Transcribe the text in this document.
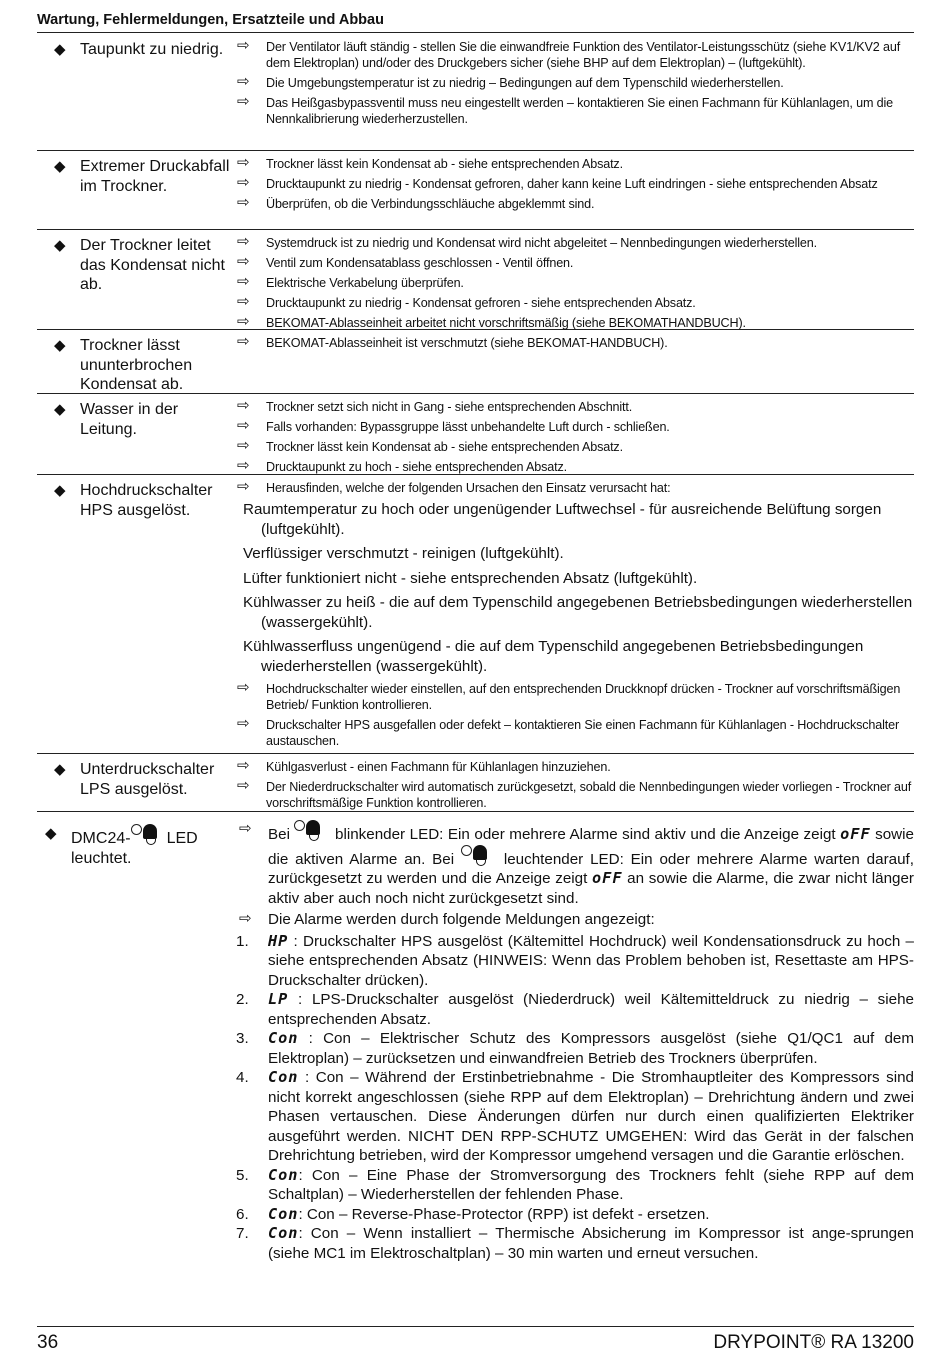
Wartung, Fehlermeldungen, Ersatzteile und Abbau
◆ Taupunkt zu niedrig. ⇨ Der Ventilator läuft ständig - stellen Sie die einwandfreie Funktion des Ventilator-Leistungsschütz (siehe KV1/KV2 auf dem Elektroplan) und/oder des Druckgebers sicher (siehe BHP auf dem Elektroplan) – (luftgekühlt).
⇨ Die Umgebungstemperatur ist zu niedrig – Bedingungen auf dem Typenschild wiederherstellen.
⇨ Das Heißgasbypassventil muss neu eingestellt werden – kontaktieren Sie einen Fachmann für Kühlanlagen, um die Nennkalibrierung wiederherzustellen.
◆ Extremer Druckabfall im Trockner.
⇨ Trockner lässt kein Kondensat ab - siehe entsprechenden Absatz.
⇨ Drucktaupunkt zu niedrig - Kondensat gefroren, daher kann keine Luft eindringen - siehe entsprechenden Absatz
⇨ Überprüfen, ob die Verbindungsschläuche abgeklemmt sind.
◆ Der Trockner leitet das Kondensat nicht ab.
⇨ Systemdruck ist zu niedrig und Kondensat wird nicht abgeleitet – Nennbedingungen wiederherstellen.
⇨ Ventil zum Kondensatablass geschlossen - Ventil öffnen.
⇨ Elektrische Verkabelung überprüfen.
⇨ Drucktaupunkt zu niedrig - Kondensat gefroren - siehe entsprechenden Absatz.
⇨ BEKOMAT-Ablasseinheit arbeitet nicht vorschriftsmäßig (siehe BEKOMATHANDBUCH).
◆ Trockner lässt ununterbrochen Kondensat ab.
⇨ BEKOMAT-Ablasseinheit ist verschmutzt (siehe BEKOMAT-HANDBUCH).
◆ Wasser in der Leitung.
⇨ Trockner setzt sich nicht in Gang - siehe entsprechenden Abschnitt.
⇨ Falls vorhanden: Bypassgruppe lässt unbehandelte Luft durch - schließen.
⇨ Trockner lässt kein Kondensat ab - siehe entsprechenden Absatz.
⇨ Drucktaupunkt zu hoch - siehe entsprechenden Absatz.
◆ Hochdruckschalter HPS ausgelöst.
⇨ Herausfinden, welche der folgenden Ursachen den Einsatz verursacht hat:
Raumtemperatur zu hoch oder ungenügender Luftwechsel - für ausreichende Belüftung sorgen (luftgekühlt).
Verflüssiger verschmutzt - reinigen (luftgekühlt).
Lüfter funktioniert nicht - siehe entsprechenden Absatz (luftgekühlt).
Kühlwasser zu heiß - die auf dem Typenschild angegebenen Betriebsbedingungen wiederherstellen (wassergekühlt).
Kühlwasserfluss ungenügend - die auf dem Typenschild angegebenen Betriebsbedingungen wiederherstellen (wassergekühlt).
⇨ Hochdruckschalter wieder einstellen, auf den entsprechenden Druckknopf drücken - Trockner auf vorschriftsmäßigen Betrieb/ Funktion kontrollieren.
⇨ Druckschalter HPS ausgefallen oder defekt – kontaktieren Sie einen Fachmann für Kühlanlagen - Hochdruckschalter austauschen.
◆ Unterdruckschalter LPS ausgelöst.
⇨ Kühlgasverlust - einen Fachmann für Kühlanlagen hinzuziehen.
⇨ Der Niederdruckschalter wird automatisch zurückgesetzt, sobald die Nennbedingungen wieder vorliegen - Trockner auf vorschriftsmäßige Funktion kontrollieren.
◆ DMC24- LED leuchtet.
⇨ Bei	blinkender LED: Ein oder mehrere Alarme sind aktiv und die Anzeige zeigt oFF sowie die aktiven Alarme an. Bei	leuchtender LED: Ein oder mehrere Alarme warten darauf, zurückgesetzt zu werden und die Anzeige zeigt oFF an sowie die Alarme, die zwar nicht länger aktiv aber auch noch nicht zurückgesetzt sind.
⇨ Die Alarme werden durch folgende Meldungen angezeigt:
1. HP : Druckschalter HPS ausgelöst (Kältemittel Hochdruck) weil Kondensationsdruck zu hoch – siehe entsprechenden Absatz (HINWEIS: Wenn das Problem behoben ist, Resettaste am HPS-Druckschalter drücken).
2. LP : LPS-Druckschalter ausgelöst (Niederdruck) weil Kältemitteldruck zu niedrig – siehe entsprechenden Absatz.
3. Con : Con – Elektrischer Schutz des Kompressors ausgelöst (siehe Q1/QC1 auf dem Elektroplan) – zurücksetzen und einwandfreien Betrieb des Trockners überprüfen.
4. Con : Con – Während der Erstinbetriebnahme - Die Stromhauptleiter des Kompressors sind nicht korrekt angeschlossen (siehe RPP auf dem Elektroplan) – Drehrichtung ändern und zwei Phasen vertauschen. Diese Änderungen dürfen nur durch einen qualifizierten Elektriker ausgeführt werden. NICHT DEN RPP-SCHUTZ UMGEHEN: Wird das Gerät in der falschen Drehrichtung betrieben, wird der Kompressor umgehend versagen und die Garantie erlöschen.
5. Con: Con – Eine Phase der Stromversorgung des Trockners fehlt (siehe RPP auf dem Schaltplan) – Wiederherstellen der fehlenden Phase.
6. Con: Con – Reverse-Phase-Protector (RPP) ist defekt - ersetzen.
7. Con: Con – Wenn installiert – Thermische Absicherung im Kompressor ist ange-sprungen (siehe MC1 im Elektroschaltplan) – 30 min warten und erneut versuchen.
36	DRYPOINT® RA 13200
